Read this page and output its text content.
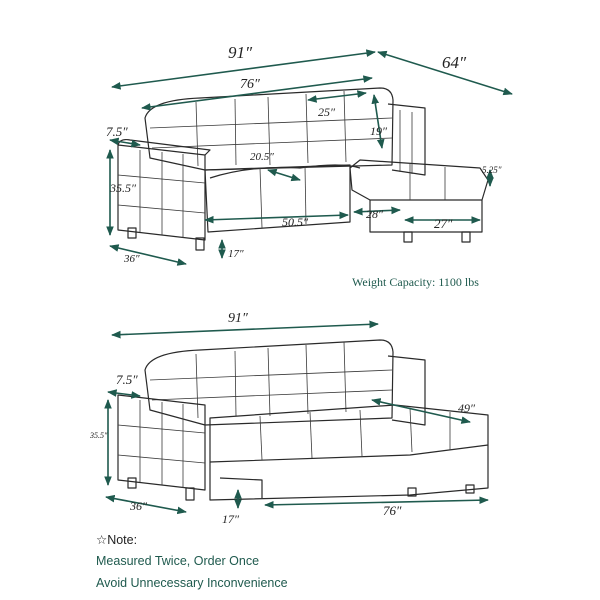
91″
64″
76″
25″
19″
7.5″
35.5″
20.5″
50.5″
28″
27″
5.25″
17″
36″
91″
7.5″
49″
35.5″
36″
17″
76″
Weight Capacity: 1100 lbs
☆Note:
Measured Twice, Order Once
Avoid Unnecessary Inconvenience
